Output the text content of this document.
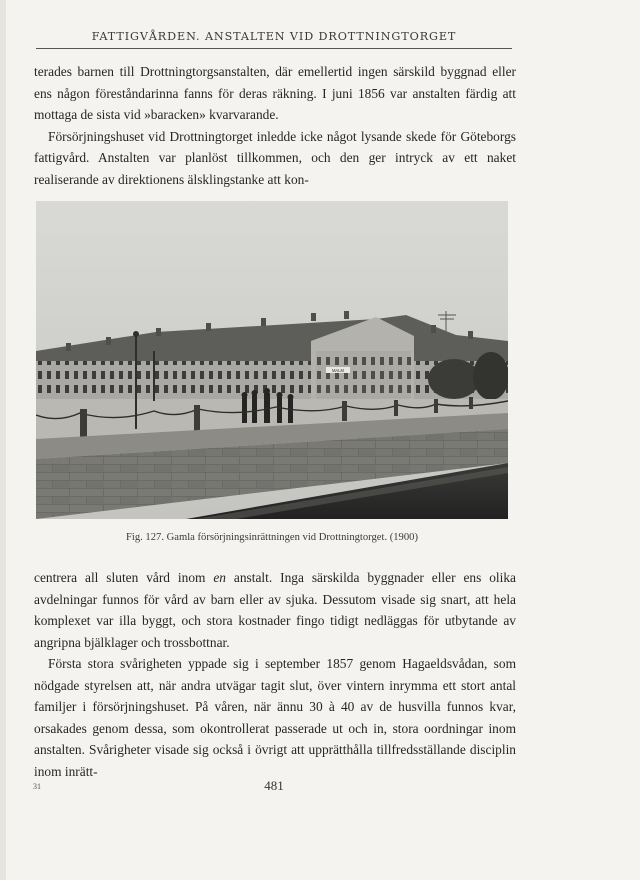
FATTIGVÅRDEN. ANSTALTEN VID DROTTNINGTORGET

terades barnen till Drottningtorgsanstalten, där emellertid ingen särskild byggnad eller ens någon föreståndarinna fanns för deras räkning. I juni 1856 var anstalten färdig att mottaga de sista vid »baracken» kvarvarande.

Försörjningshuset vid Drottningtorget inledde icke något lysande skede för Göteborgs fattigvård. Anstalten var planlöst tillkommen, och den ger intryck av ett naket realiserande av direktionens älsklingstanke att kon-

MALM
Fig. 127. Gamla försörjningsinrättningen vid Drottningtorget. (1900)

centrera all sluten vård inom en anstalt. Inga särskilda byggnader eller ens olika avdelningar funnos för vård av barn eller av sjuka. Dessutom visade sig snart, att hela komplexet var illa byggt, och stora kostnader fingo tidigt nedläggas för utbytande av angripna bjälklager och trossbottnar.

Första stora svårigheten yppade sig i september 1857 genom Hagaeldsvådan, som nödgade styrelsen att, när andra utvägar tagit slut, över vintern inrymma ett stort antal familjer i försörjningshuset. På våren, när ännu 30 à 40 av de husvilla funnos kvar, orsakades genom dessa, som okontrollerat passerade ut och in, stora oordningar inom anstalten. Svårigheter visade sig också i övrigt att upprätthålla tillfredsställande disciplin inom inrätt-

31	481
